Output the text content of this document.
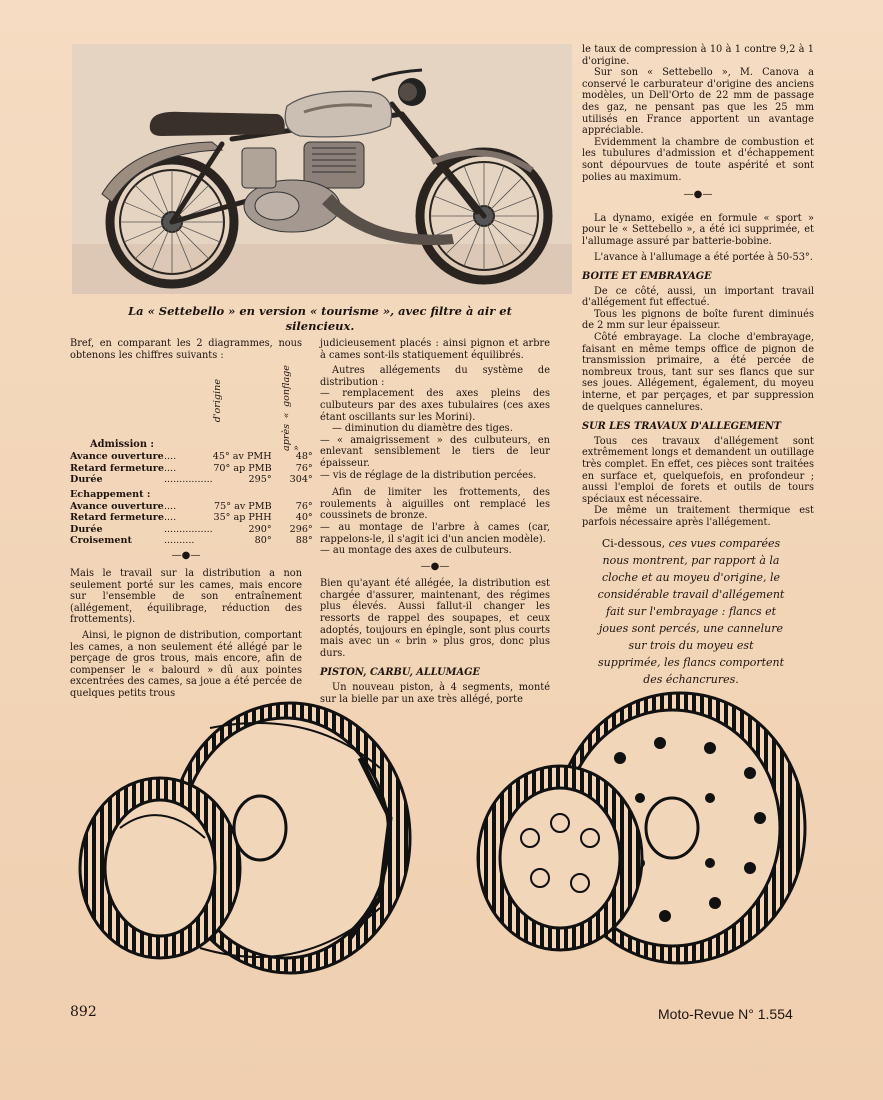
La « Settebello » en version « tourisme », avec filtre à air et silencieux.

Bref, en comparant les 2 diagrammes, nous obtenons les chiffres suivants :

d'origine	après « gonflage »
Admission :
Avance ouverture	....	45° av PMH	48°
Retard fermeture	....	70° ap PMB	76°
Durée	................	295°	304°
Echappement :			
Avance ouverture	....	75° av PMB	76°
Retard fermeture	....	35° ap PHH	40°
Durée	................	290°	296°
Croisement	..........	80°	88°
—●—

Mais le travail sur la distribution a non seulement porté sur les cames, mais encore sur l'ensemble de son entraînement (allégement, équilibrage, réduction des frottements).

Ainsi, le pignon de distribution, comportant les cames, a non seulement été allégé par le perçage de gros trous, mais encore, afin de compenser le « balourd » dû aux pointes excentrées des cames, sa joue a été percée de quelques petits trous

judicieusement placés : ainsi pignon et arbre à cames sont-ils statiquement équilibrés.

Autres allégements du système de distribution :

— remplacement des axes pleins des culbuteurs par des axes tubulaires (ces axes étant oscillants sur les Morini).

— diminution du diamètre des tiges.

— « amaigrissement » des culbuteurs, en enlevant sensiblement le tiers de leur épaisseur.

— vis de réglage de la distribution percées.

Afin de limiter les frottements, des roulements à aiguilles ont remplacé les coussinets de bronze.

— au montage de l'arbre à cames (car, rappelons-le, il s'agit ici d'un ancien modèle).

— au montage des axes de culbuteurs.

—●—

Bien qu'ayant été allégée, la distribution est chargée d'assurer, maintenant, des régimes plus élevés. Aussi fallut-il changer les ressorts de rappel des soupapes, et ceux adoptés, toujours en épingle, sont plus courts mais avec un « brin » plus gros, donc plus durs.

PISTON, CARBU, ALLUMAGE

Un nouveau piston, à 4 segments, monté sur la bielle par un axe très allégé, porte

le taux de compression à 10 à 1 contre 9,2 à 1 d'origine.

Sur son « Settebello », M. Canova a conservé le carburateur d'origine des anciens modèles, un Dell'Orto de 22 mm de passage des gaz, ne pensant pas que les 25 mm utilisés en France apportent un avantage appréciable.

Evidemment la chambre de combustion et les tubulures d'admission et d'échappement sont dépourvues de toute aspérité et sont polies au maximum.

—●—

La dynamo, exigée en formule « sport » pour le « Settebello », a été ici supprimée, et l'allumage assuré par batterie-bobine.

L'avance à l'allumage a été portée à 50-53°.

BOITE ET EMBRAYAGE

De ce côté, aussi, un important travail d'allégement fut effectué.

Tous les pignons de boîte furent diminués de 2 mm sur leur épaisseur.

Côté embrayage. La cloche d'embrayage, faisant en même temps office de pignon de transmission primaire, a été percée de nombreux trous, tant sur ses flancs que sur ses joues. Allégement, également, du moyeu interne, et par perçages, et par suppression de quelques cannelures.

SUR LES TRAVAUX D'ALLEGEMENT

Tous ces travaux d'allégement sont extrêmement longs et demandent un outillage très complet. En effet, ces pièces sont traitées en surface et, quelquefois, en profondeur ; aussi l'emploi de forets et outils de tours spéciaux est nécessaire.

De même un traitement thermique est parfois nécessaire après l'allégement.

Ci-dessous, ces vues comparées nous montrent, par rapport à la cloche et au moyeu d'origine, le considérable travail d'allégement fait sur l'embrayage : flancs et joues sont percés, une cannelure sur trois du moyeu est supprimée, les flancs comportent des échancrures.
892	Moto-Revue N° 1.554
